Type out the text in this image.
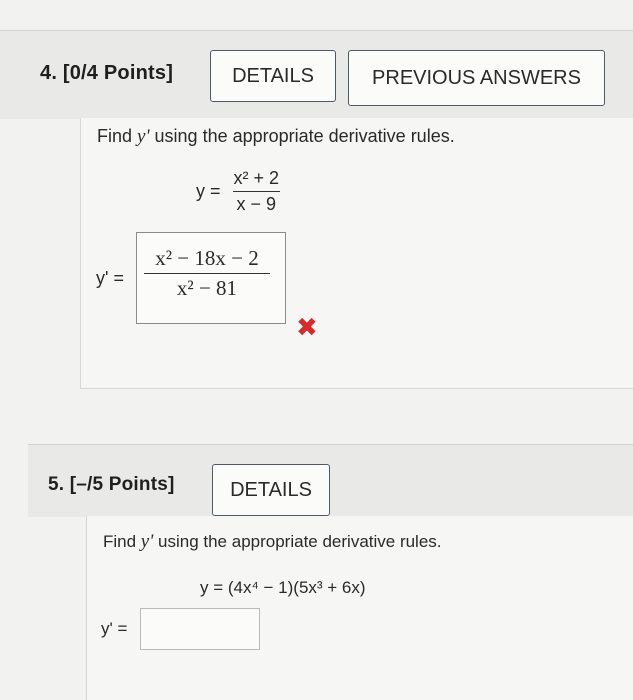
4. [0/4 Points]	DETAILS	PREVIOUS ANSWERS
Find y' using the appropriate derivative rules.
$y = \frac{\text{x² + 2}}{x - 9}$
$y' = \frac{\text{x² − 18x − 2}}{\text{x² − 81}}$
✖
5. [–/5 Points]	DETAILS
Find y' using the appropriate derivative rules.
y = (4x⁴ − 1)(5x³ + 6x)
y' =
